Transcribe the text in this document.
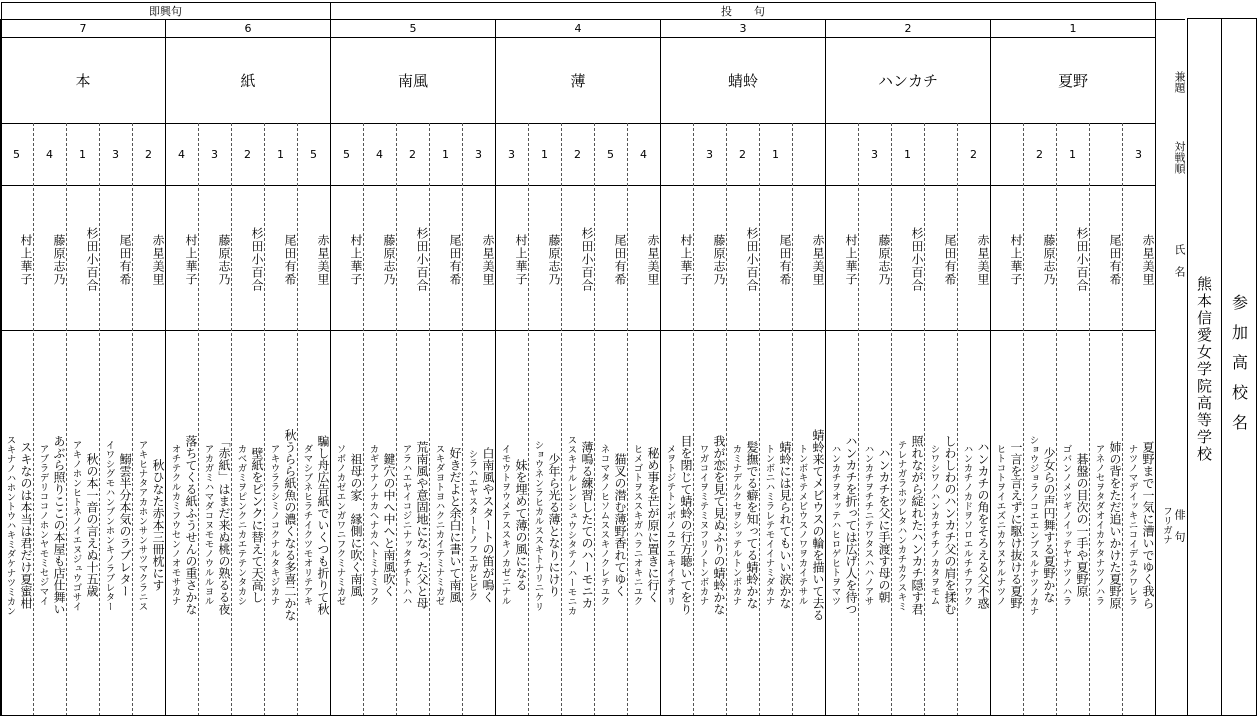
即興句	投　　句
1
夏野
3
赤星美里
夏野まで一気に漕いでゆく我ら
ナツノマデイッキニコイデユクワレラ
尾田有希
姉の背をただ追いかけた夏野原
アネノセヲタダオイカケタナツノハラ
1
杉田小百合
碁盤の目次の一手や夏野原
ゴバンノメツギノイッテヤナツノハラ
2
藤原志乃
少女らの声円舞する夏野かな
ショウジョラノコエエンブスルナツノカナ
村上華子
一言を言えずに駆け抜ける夏野
ヒトコトヲイエズニカケヌケルナツノ
2
ハンカチ
2
赤星美里
ハンカチの角をそろえる父不惑
ハンカチノカドヲソロエルチチフワク
尾田有希
しわしわのハンカチ父の肩を揉む
シワシワノハンカチチチノカタヲモム
1
杉田小百合
照れながら綻れたハンカチ隠す君
テレナガラホツレタハンカチカクスキミ
3
藤原志乃
ハンカチを父に手渡す母の朝
ハンカチヲチチニテワタスハハノアサ
村上華子
ハンカチを折っては広げ人を待つ
ハンカチヲオッテハヒロゲヒトヲマツ
3
蜻蛉
赤星美里
蜻蛉来てメビウスの輪を描いて去る
トンボキテメビウスノワヲカイテサル
1
尾田有希
蜻蛉には見られてもいい涙かな
トンボニハミラレテモイイナミダカナ
2
杉田小百合
髪撫でる癖を知ってる蜻蛉かな
カミナデルクセヲシッテルトンボカナ
3
藤原志乃
我が恋を見て見ぬふりの蜻蛉かな
ワガコイヲミテミヌフリノトンボカナ
村上華子
目を閉じて蜻蛉の行方聴いてをり
メヲトジテトンボノユクエキイテオリ
4
薄
4
赤星美里
秘め事を芒が原に置きに行く
ヒメゴトヲススキガハラニオキニユク
5
尾田有希
猫叉の潜む薄野香れてゆく
ネコマタノヒソムススキノクレテユク
2
杉田小百合
薄鳴る練習したてのハーモニカ
ススキナルレンシュウシタテノハーモニカ
1
藤原志乃
少年ら光る薄となりにけり
ショウネンラヒカルススキトナリニケリ
3
村上華子
妹を埋めて薄の風になる
イモウトヲウメテススキノカゼニナル
5
南風
3
赤星美里
白南風やスタートの笛が鳴く
シラハエヤスタートノフエガヒビク
1
尾田有希
好きだよと余白に書いて南風
スキダヨトヨハクニカイテミナミカゼ
2
杉田小百合
荒南風や意固地になった父と母
アラハエヤイコジニナッタチチトハハ
4
藤原志乃
鍵穴の中へ中へと南風吹く
カギアナノナカヘナカヘトミナミフク
5
村上華子
祖母の家　縁側に吹く南風
ソボノカゼエンガワニフクミナミカゼ
6
紙
5
赤星美里
騙し舟広告紙でいくつも折りて秋
ダマシブネヒラチイクツモオリテアキ
1
尾田有希
秋うらら紙魚の濃くなる多喜二かな
アキウララシミノコクナルタキジカナ
2
杉田小百合
壁紙をピンクに替えて天高し
カベガミヲピンクニカエテテンタカシ
3
藤原志乃
「赤紙」はまだ来ぬ桃の熟るる夜
アカガミハマダコヌモモノウルルヨル
4
村上華子
落ちてくる紙ふうせんの重さかな
オチテクルカミフウセンノオモサカナ
7
本
2
赤星美里
秋ひなた赤本三冊枕にす
アキヒナタアカホンサンサツマクラニス
3
尾田有希
鰯雲半分本気のラブレター
イワシグモハンブンホンキノラブレター
1
杉田小百合
秋の本一音の言えぬ十五歳
アキノホンヒトネノイエヌジュウゴサイ
4
藤原志乃
あぶら照りここの本屋も店仕舞い
アブラデリココノホンヤモミセジマイ
5
村上華子
スキなのは本当は君だけ夏蜜柑
スキナノハホントウハキミダケナツミカン
兼題
対戦順
氏　名
俳　句
フリガナ
熊本信愛女学院高等学校 参加高校名
